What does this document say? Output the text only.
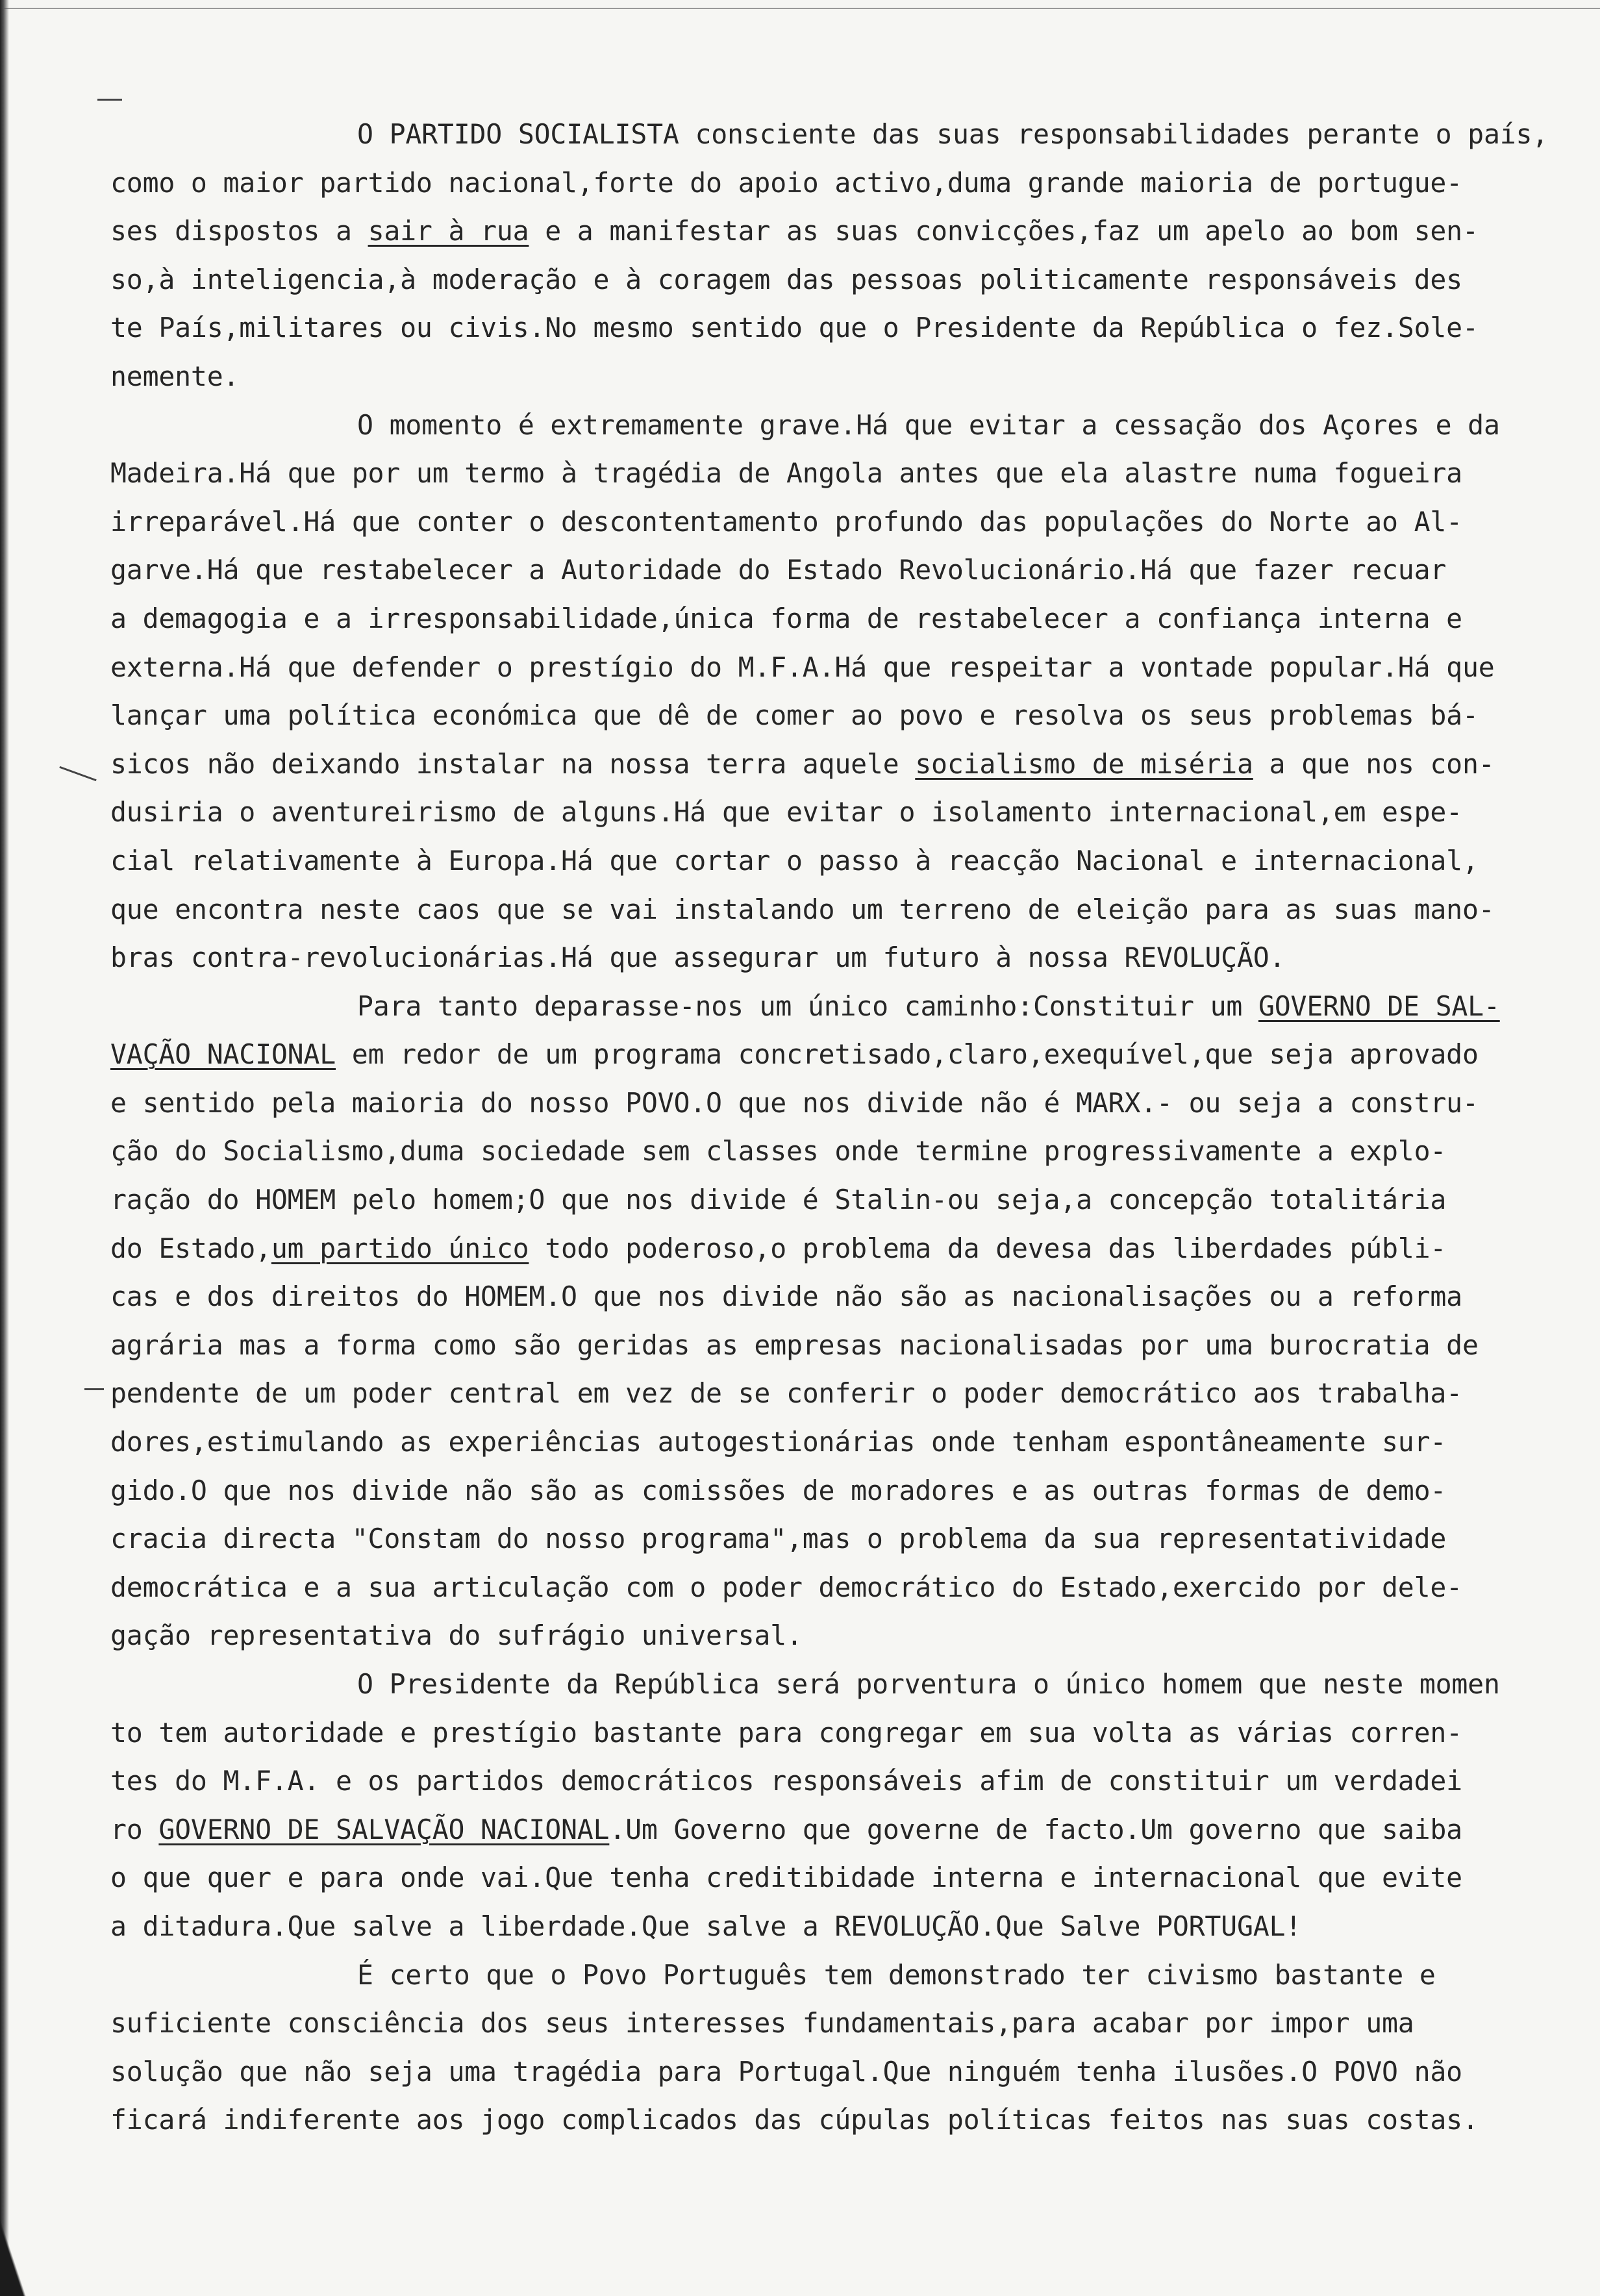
O PARTIDO SOCIALISTA consciente das suas responsabilidades perante o país,
como o maior partido nacional,forte do apoio activo,duma grande maioria de portugue-
ses dispostos a sair à rua e a manifestar as suas convicções,faz um apelo ao bom sen-
so,à inteligencia,à moderação e à coragem das pessoas politicamente responsáveis des
te País,militares ou civis.No mesmo sentido que o Presidente da República o fez.Sole-
nemente.
O momento é extremamente grave.Há que evitar a cessação dos Açores e da
Madeira.Há que por um termo à tragédia de Angola antes que ela alastre numa fogueira
irreparável.Há que conter o descontentamento profundo das populações do Norte ao Al-
garve.Há que restabelecer a Autoridade do Estado Revolucionário.Há que fazer recuar
a demagogia e a irresponsabilidade,única forma de restabelecer a confiança interna e
externa.Há que defender o prestígio do M.F.A.Há que respeitar a vontade popular.Há que
lançar uma política económica que dê de comer ao povo e resolva os seus problemas bá-
sicos não deixando instalar na nossa terra aquele socialismo de miséria a que nos con-
dusiria o aventureirismo de alguns.Há que evitar o isolamento internacional,em espe-
cial relativamente à Europa.Há que cortar o passo à reacção Nacional e internacional,
que encontra neste caos que se vai instalando um terreno de eleição para as suas mano-
bras contra-revolucionárias.Há que assegurar um futuro à nossa REVOLUÇÃO.
Para tanto deparasse-nos um único caminho:Constituir um GOVERNO DE SAL-
VAÇÃO NACIONAL em redor de um programa concretisado,claro,exequível,que seja aprovado
e sentido pela maioria do nosso POVO.O que nos divide não é MARX.- ou seja a constru-
ção do Socialismo,duma sociedade sem classes onde termine progressivamente a explo-
ração do HOMEM pelo homem;O que nos divide é Stalin-ou seja,a concepção totalitária
do Estado,um partido único todo poderoso,o problema da devesa das liberdades públi-
cas e dos direitos do HOMEM.O que nos divide não são as nacionalisações ou a reforma
agrária mas a forma como são geridas as empresas nacionalisadas por uma burocratia de
pendente de um poder central em vez de se conferir o poder democrático aos trabalha-
dores,estimulando as experiências autogestionárias onde tenham espontâneamente sur-
gido.O que nos divide não são as comissões de moradores e as outras formas de demo-
cracia directa "Constam do nosso programa",mas o problema da sua representatividade
democrática e a sua articulação com o poder democrático do Estado,exercido por dele-
gação representativa do sufrágio universal.
O Presidente da República será porventura o único homem que neste momen
to tem autoridade e prestígio bastante para congregar em sua volta as várias corren-
tes do M.F.A. e os partidos democráticos responsáveis afim de constituir um verdadei
ro GOVERNO DE SALVAÇÃO NACIONAL.Um Governo que governe de facto.Um governo que saiba
o que quer e para onde vai.Que tenha creditibidade interna e internacional que evite
a ditadura.Que salve a liberdade.Que salve a REVOLUÇÃO.Que Salve PORTUGAL!
É certo que o Povo Português tem demonstrado ter civismo bastante e
suficiente consciência dos seus interesses fundamentais,para acabar por impor uma
solução que não seja uma tragédia para Portugal.Que ninguém tenha ilusões.O POVO não
ficará indiferente aos jogo complicados das cúpulas políticas feitos nas suas costas.
